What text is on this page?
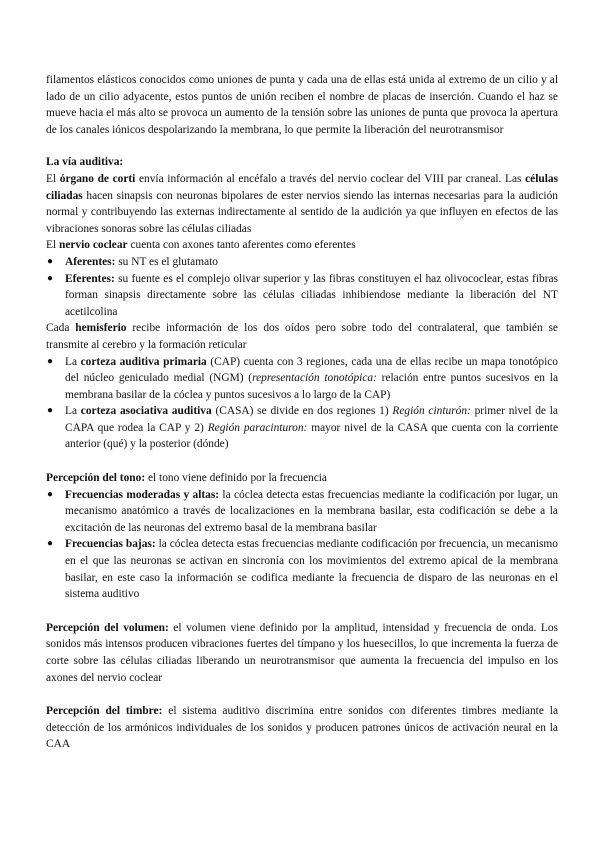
filamentos elásticos conocidos como uniones de punta y cada una de ellas está unida al extremo de un cilio y al lado de un cilio adyacente, estos puntos de unión reciben el nombre de placas de inserción. Cuando el haz se mueve hacia el más alto se provoca un aumento de la tensión sobre las uniones de punta que provoca la apertura de los canales iónicos despolarizando la membrana, lo que permite la liberación del neurotransmisor

La vía auditiva:

El órgano de corti envía información al encéfalo a través del nervio coclear del VIII par craneal. Las células ciliadas hacen sinapsis con neuronas bipolares de ester nervios siendo las internas necesarias para la audición normal y contribuyendo las externas indirectamente al sentido de la audición ya que influyen en efectos de las vibraciones sonoras sobre las células ciliadas

El nervio coclear cuenta con axones tanto aferentes como eferentes

● Aferentes: su NT es el glutamato
● Eferentes: su fuente es el complejo olivar superior y las fibras constituyen el haz olivococlear, estas fibras forman sinapsis directamente sobre las células ciliadas inhibiendose mediante la liberación del NT acetilcolina

Cada hemisferio recibe información de los dos oídos pero sobre todo del contralateral, que también se transmite al cerebro y la formación reticular

● La corteza auditiva primaria (CAP) cuenta con 3 regiones, cada una de ellas recibe un mapa tonotópico del núcleo geniculado medial (NGM) (representación tonotópica: relación entre puntos sucesivos en la membrana basilar de la cóclea y puntos sucesivos a lo largo de la CAP)
● La corteza asociativa auditiva (CASA) se divide en dos regiones 1) Región cinturón: primer nivel de la CAPA que rodea la CAP y 2) Región paracinturon: mayor nivel de la CASA que cuenta con la corriente anterior (qué) y la posterior (dónde)

Percepción del tono: el tono viene definido por la frecuencia

● Frecuencias moderadas y altas: la cóclea detecta estas frecuencias mediante la codificación por lugar, un mecanismo anatómico a través de localizaciones en la membrana basilar, esta codificación se debe a la excitación de las neuronas del extremo basal de la membrana basilar
● Frecuencias bajas: la cóclea detecta estas frecuencias mediante codificación por frecuencia, un mecanismo en el que las neuronas se activan en sincronía con los movimientos del extremo apical de la membrana basilar, en este caso la información se codifica mediante la frecuencia de disparo de las neuronas en el sistema auditivo

Percepción del volumen: el volumen viene definido por la amplitud, intensidad y frecuencia de onda. Los sonidos más intensos producen vibraciones fuertes del tímpano y los huesecillos, lo que incrementa la fuerza de corte sobre las células ciliadas liberando un neurotransmisor que aumenta la frecuencia del impulso en los axones del nervio coclear

Percepción del timbre: el sistema auditivo discrimina entre sonidos con diferentes timbres mediante la detección de los armónicos individuales de los sonidos y producen patrones únicos de activación neural en la CAA
